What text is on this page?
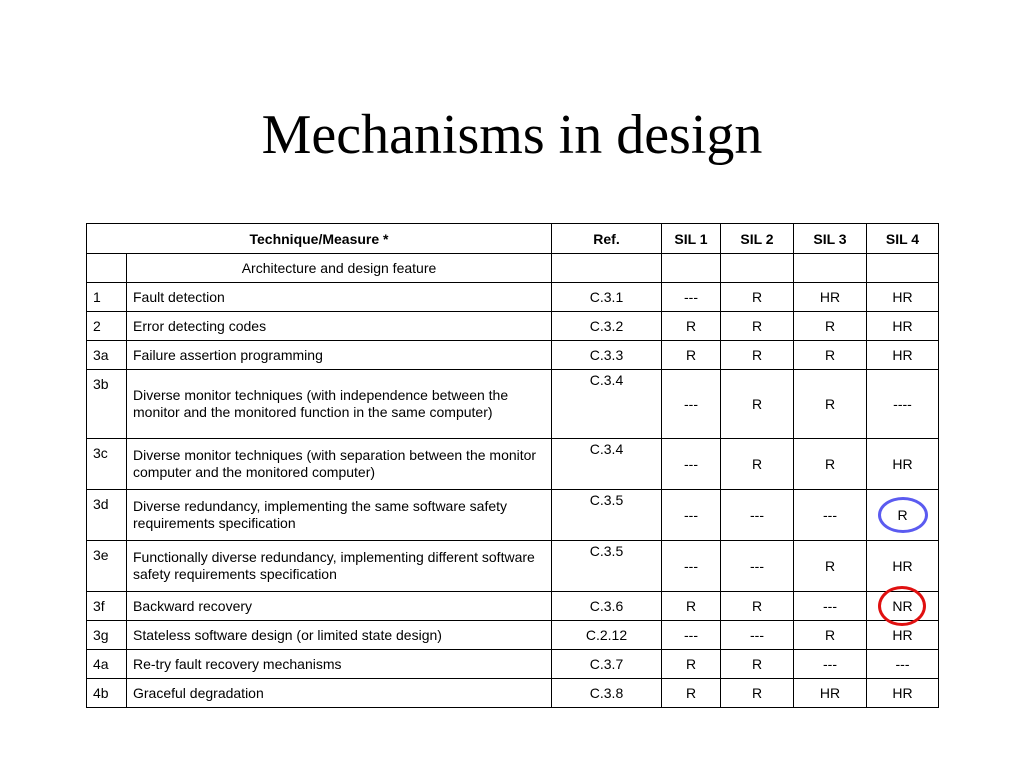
Mechanisms in design
Technique/Measure *		Ref.	SIL 1	SIL 2	SIL 3	SIL 4
	Architecture and design feature					
1	Fault detection	C.3.1	---	R	HR	HR
2	Error detecting codes	C.3.2	R	R	R	HR
3a	Failure assertion programming	C.3.3	R	R	R	HR
3b	Diverse monitor techniques (with independence between the monitor and the monitored function in the same computer)	C.3.4	---	R	R	----
3c	Diverse monitor techniques (with separation between the monitor computer and the monitored computer)	C.3.4	---	R	R	HR
3d	Diverse redundancy, implementing the same software safety requirements specification	C.3.5	---	---	---	R

3e	Functionally diverse redundancy, implementing different software safety requirements specification	C.3.5	---	---	R	HR
3f	Backward recovery	C.3.6	R	R	---	NR

3g	Stateless software design (or limited state design)	C.2.12	---	---	R	HR
4a	Re-try fault recovery mechanisms	C.3.7	R	R	---	---
4b	Graceful degradation	C.3.8	R	R	HR	HR
